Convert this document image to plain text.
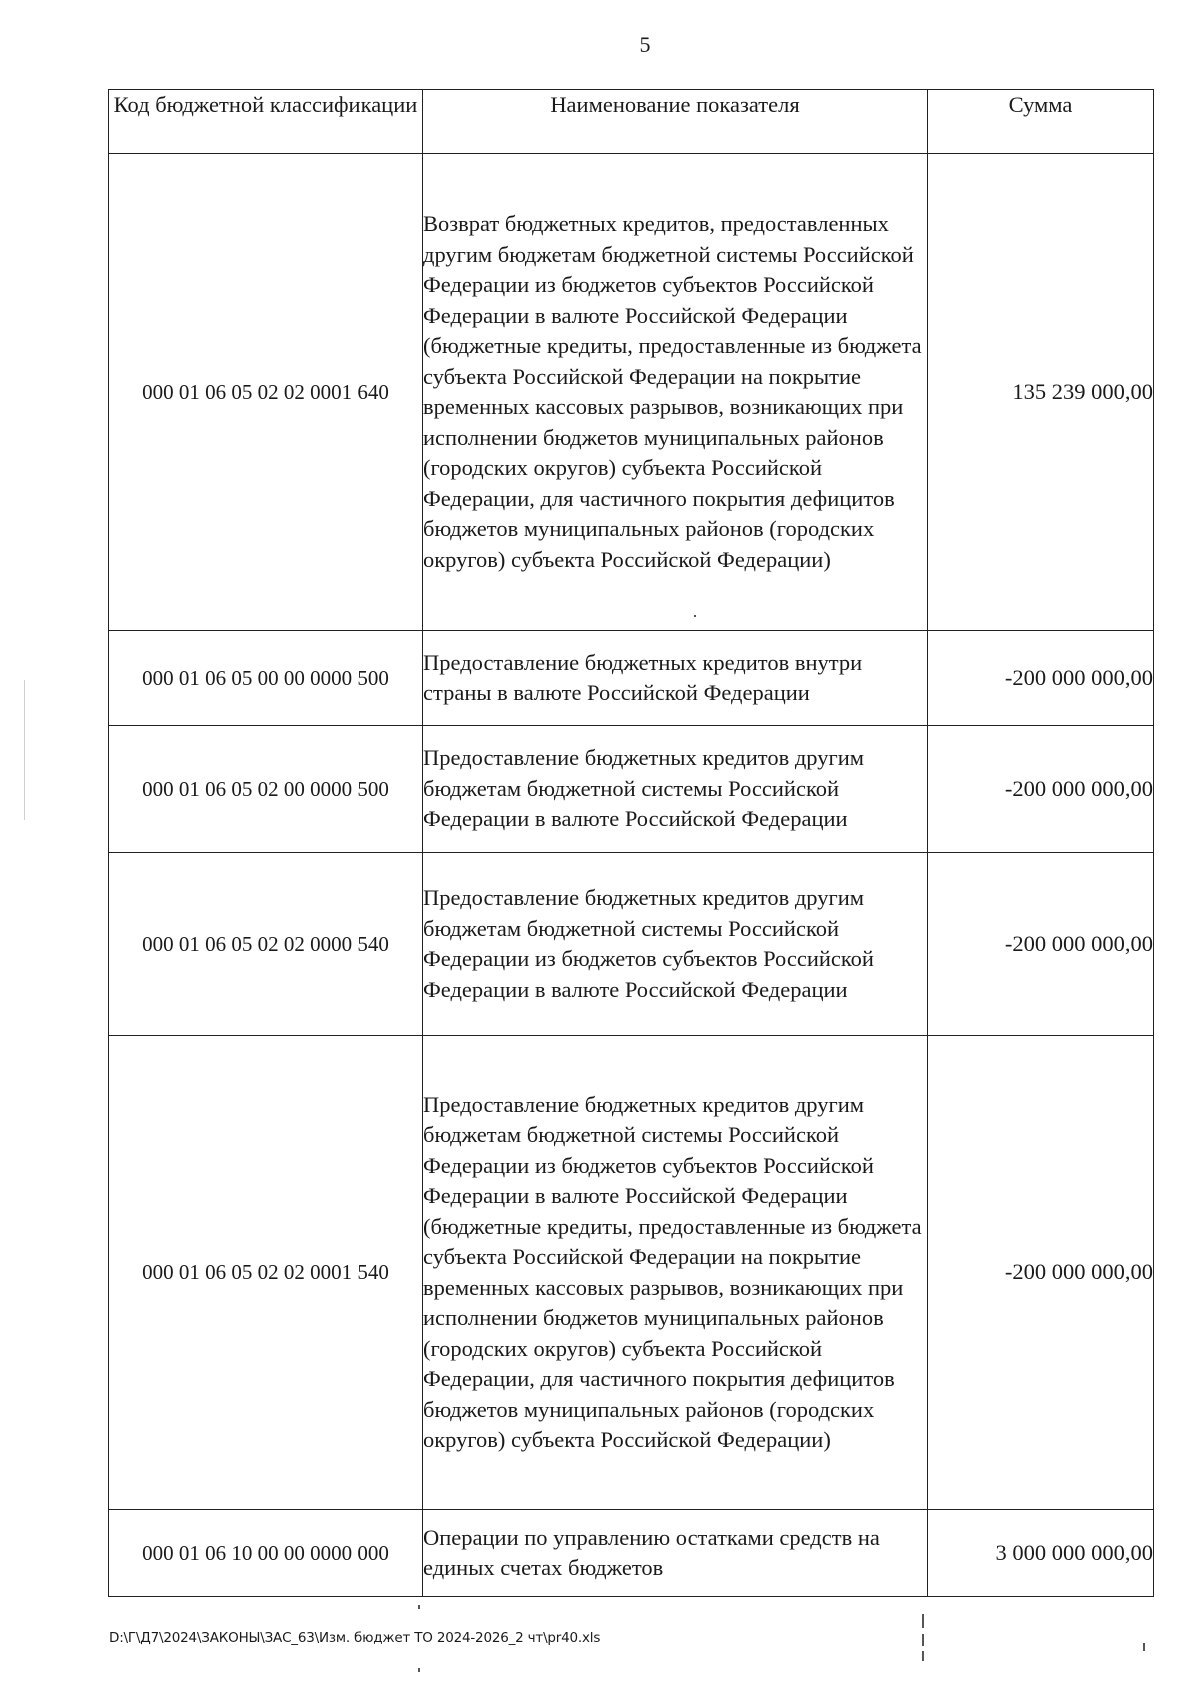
5
Код бюджетной классификации	Наименование показателя	Сумма
000 01 06 05 02 02 0001 640	Возврат бюджетных кредитов, предоставленных другим бюджетам бюджетной системы Российской Федерации из бюджетов субъектов Российской Федерации в валюте Российской Федерации (бюджетные кредиты, предоставленные из бюджета субъекта Российской Федерации на покрытие временных кассовых разрывов, возникающих при исполнении бюджетов муниципальных районов (городских округов) субъекта Российской Федерации, для частичного покрытия дефицитов бюджетов муниципальных районов (городских округов) субъекта Российской Федерации)	135 239 000,00
000 01 06 05 00 00 0000 500	Предоставление бюджетных кредитов внутри страны в валюте Российской Федерации	-200 000 000,00
000 01 06 05 02 00 0000 500	Предоставление бюджетных кредитов другим бюджетам бюджетной системы Российской Федерации в валюте Российской Федерации	-200 000 000,00
000 01 06 05 02 02 0000 540	Предоставление бюджетных кредитов другим бюджетам бюджетной системы Российской Федерации из бюджетов субъектов Российской Федерации в валюте Российской Федерации	-200 000 000,00
000 01 06 05 02 02 0001 540	Предоставление бюджетных кредитов другим бюджетам бюджетной системы Российской Федерации из бюджетов субъектов Российской Федерации в валюте Российской Федерации (бюджетные кредиты, предоставленные из бюджета субъекта Российской Федерации на покрытие временных кассовых разрывов, возникающих при исполнении бюджетов муниципальных районов (городских округов) субъекта Российской Федерации, для частичного покрытия дефицитов бюджетов муниципальных районов (городских округов) субъекта Российской Федерации)	-200 000 000,00
000 01 06 10 00 00 0000 000	Операции по управлению остатками средств на единых счетах бюджетов	3 000 000 000,00
D:\Г\Д7\2024\ЗАКОНЫ\ЗАС_63\Изм. бюджет ТО 2024-2026_2 чт\pr40.xls
